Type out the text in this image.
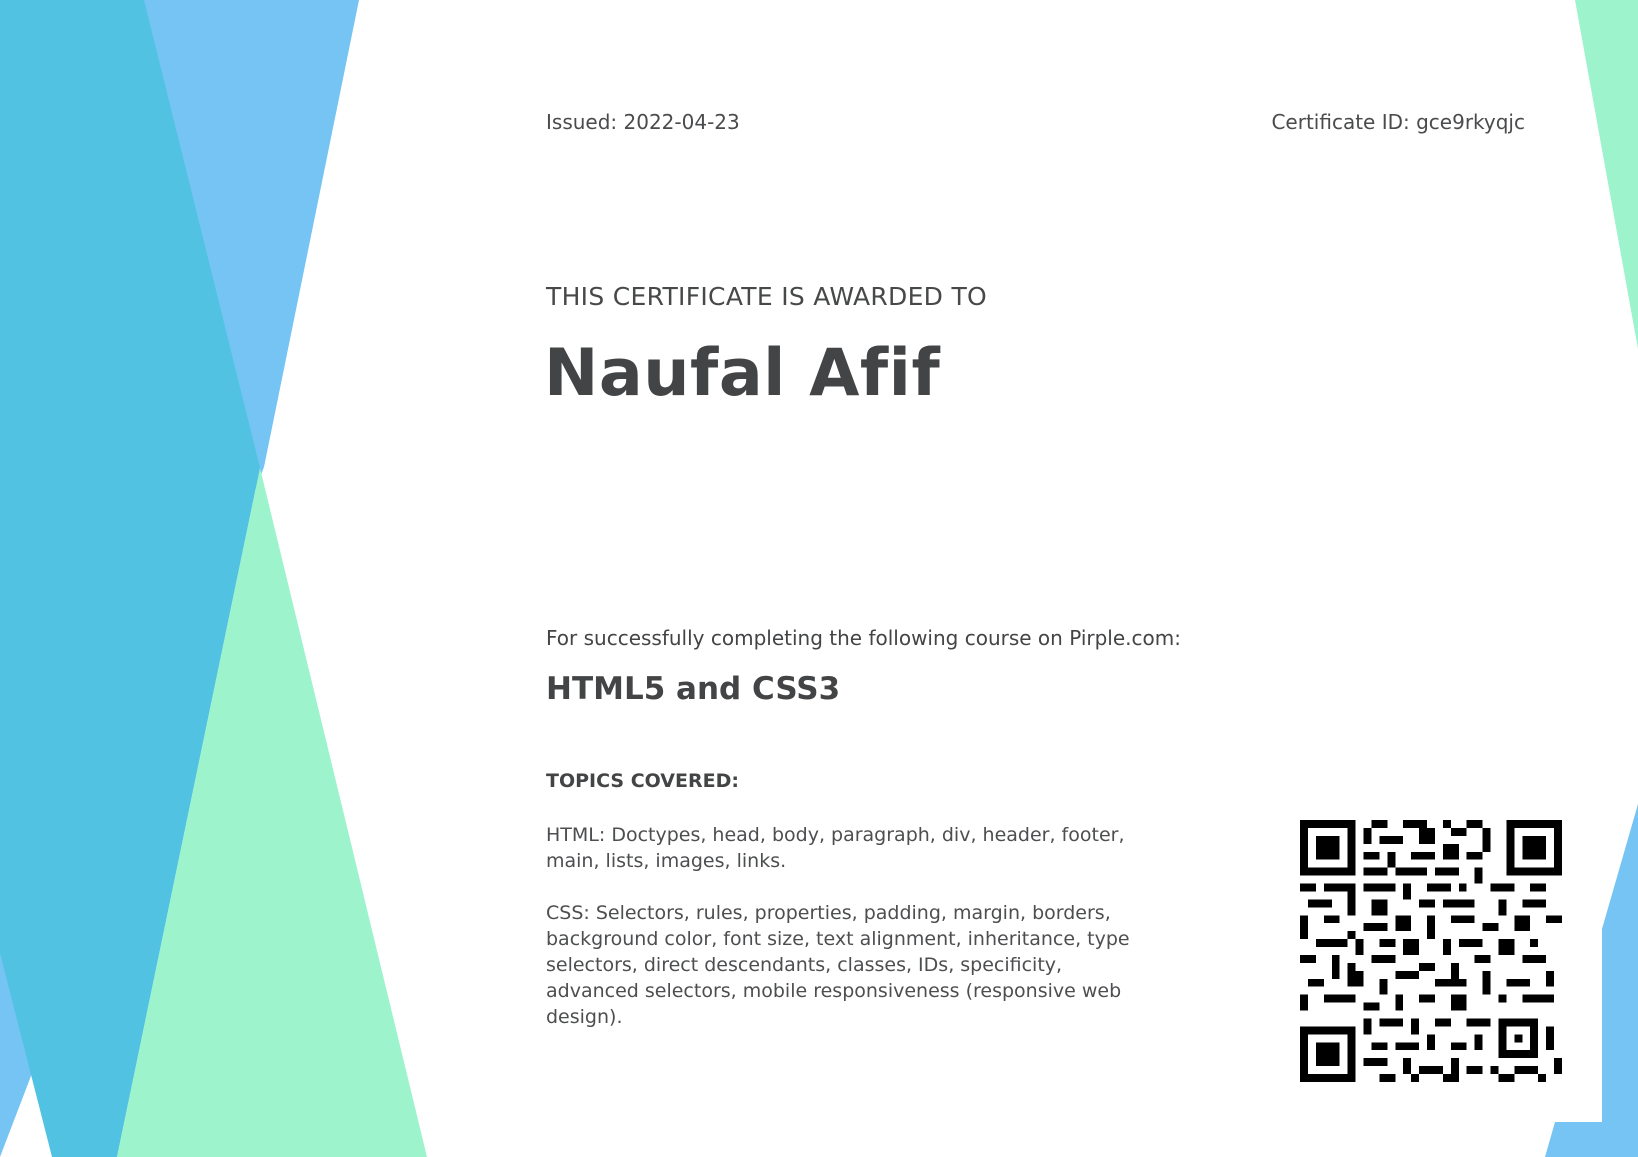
Issued: 2022-04-23	Certificate ID: gce9rkyqjc
THIS CERTIFICATE IS AWARDED TO
Naufal Afif
For successfully completing the following course on Pirple.com:
HTML5 and CSS3
TOPICS COVERED:

HTML: Doctypes, head, body, paragraph, div, header, footer, main, lists, images, links.

CSS: Selectors, rules, properties, padding, margin, borders, background color, font size, text alignment, inheritance, type selectors, direct descendants, classes, IDs, specificity, advanced selectors, mobile responsiveness (responsive web design).
